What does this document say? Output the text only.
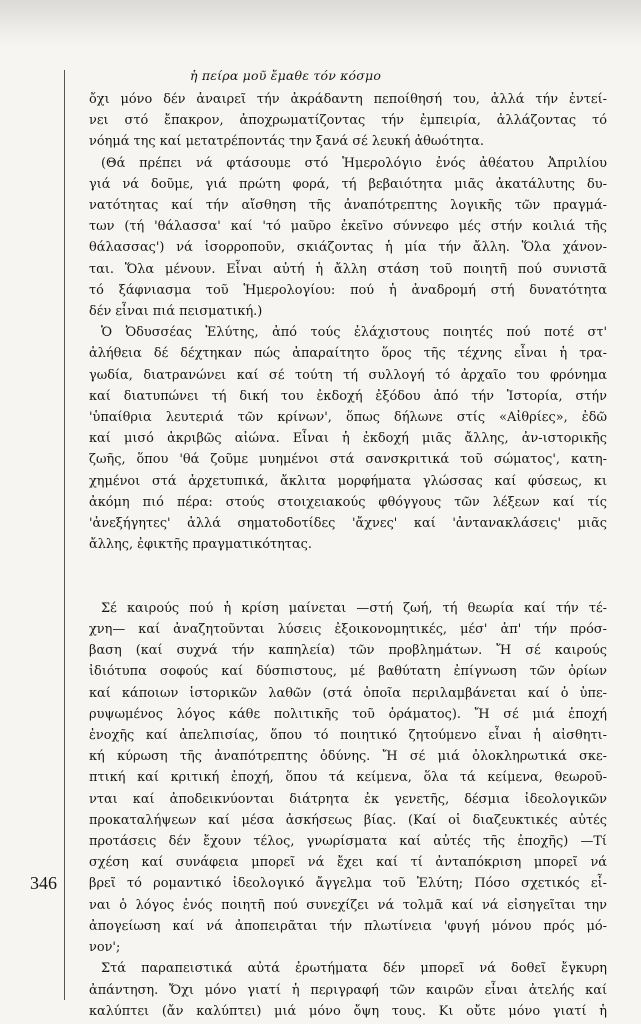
ἡ πείρα μοῦ ἔμαθε τόν κόσμο
ὄχι μόνο δέν ἀναιρεῖ τήν ἀκράδαντη πεποίθησή του, ἀλλά τήν ἐντεί-
νει στό ἔπακρον, ἀποχρωματίζοντας τήν ἐμπειρία, ἀλλάζοντας τό
νόημά της καί μετατρέποντάς την ξανά σέ λευκή ἀθωότητα.
(Θά πρέπει νά φτάσουμε στό Ἡμερολόγιο ἑνός ἀθέατου Ἀπριλίου
γιά νά δοῦμε, γιά πρώτη φορά, τή βεβαιότητα μιᾶς ἀκατάλυτης δυ-
νατότητας καί τήν αἴσθηση τῆς ἀναπότρεπτης λογικῆς τῶν πραγμά-
των (τή 'θάλασσα' καί 'τό μαῦρο ἐκεῖνο σύννεφο μές στήν κοιλιά τῆς
θάλασσας') νά ἰσορροποῦν, σκιάζοντας ἡ μία τήν ἄλλη. Ὅλα χάνον-
ται. Ὅλα μένουν. Εἶναι αὐτή ἡ ἄλλη στάση τοῦ ποιητῆ πού συνιστᾶ
τό ξάφνιασμα τοῦ Ἡμερολογίου: πού ἡ ἀναδρομή στή δυνατότητα
δέν εἶναι πιά πεισματική.)
Ὁ Ὀδυσσέας Ἐλύτης, ἀπό τούς ἐλάχιστους ποιητές πού ποτέ στ'
ἀλήθεια δέ δέχτηκαν πώς ἀπαραίτητο ὅρος τῆς τέχνης εἶναι ἡ τρα-
γωδία, διατρανώνει καί σέ τούτη τή συλλογή τό ἀρχαῖο του φρόνημα
καί διατυπώνει τή δική του ἐκδοχή ἐξόδου ἀπό τήν Ἱστορία, στήν
'ὑπαίθρια λευτεριά τῶν κρίνων', ὅπως δήλωνε στίς «Αἰθρίες», ἐδῶ
καί μισό ἀκριβῶς αἰώνα. Εἶναι ἡ ἐκδοχή μιᾶς ἄλλης, ἀν-ιστορικῆς
ζωῆς, ὅπου 'θά ζοῦμε μυημένοι στά σανσκριτικά τοῦ σώματος', κατη-
χημένοι στά ἀρχετυπικά, ἄκλιτα μορφήματα γλώσσας καί φύσεως, κι
ἀκόμη πιό πέρα: στούς στοιχειακούς φθόγγους τῶν λέξεων καί τίς
'ἀνεξήγητες' ἀλλά σηματοδοτίδες 'ἄχνες' καί 'ἀντανακλάσεις' μιᾶς
ἄλλης, ἐφικτῆς πραγματικότητας.
Σέ καιρούς πού ἡ κρίση μαίνεται —στή ζωή, τή θεωρία καί τήν τέ-
χνη— καί ἀναζητοῦνται λύσεις ἐξοικονομητικές, μέσ' ἀπ' τήν πρόσ-
βαση (καί συχνά τήν καπηλεία) τῶν προβλημάτων. Ἤ σέ καιρούς
ἰδιότυπα σοφούς καί δύσπιστους, μέ βαθύτατη ἐπίγνωση τῶν ὁρίων
καί κάποιων ἱστορικῶν λαθῶν (στά ὁποῖα περιλαμβάνεται καί ὁ ὑπε-
ρυψωμένος λόγος κάθε πολιτικῆς τοῦ ὁράματος). Ἤ σέ μιά ἐποχή
ἐνοχῆς καί ἀπελπισίας, ὅπου τό ποιητικό ζητούμενο εἶναι ἡ αἰσθητι-
κή κύρωση τῆς ἀναπότρεπτης ὀδύνης. Ἤ σέ μιά ὁλοκληρωτικά σκε-
πτική καί κριτική ἐποχή, ὅπου τά κείμενα, ὅλα τά κείμενα, θεωροῦ-
νται καί ἀποδεικνύονται διάτρητα ἐκ γενετῆς, δέσμια ἰδεολογικῶν
προκαταλήψεων καί μέσα ἀσκήσεως βίας. (Καί οἱ διαζευκτικές αὐτές
προτάσεις δέν ἔχουν τέλος, γνωρίσματα καί αὐτές τῆς ἐποχῆς) —Τί
σχέση καί συνάφεια μπορεῖ νά ἔχει καί τί ἀνταπόκριση μπορεῖ νά
βρεῖ τό ρομαντικό ἰδεολογικό ἄγγελμα τοῦ Ἐλύτη; Πόσο σχετικός εἶ-
ναι ὁ λόγος ἑνός ποιητῆ πού συνεχίζει νά τολμᾶ καί νά εἰσηγεῖται την
ἀπογείωση καί νά ἀποπειρᾶται τήν πλωτίνεια 'φυγή μόνου πρός μό-
νον';
Στά παραπειστικά αὐτά ἐρωτήματα δέν μπορεῖ νά δοθεῖ ἔγκυρη
ἀπάντηση. Ὄχι μόνο γιατί ἡ περιγραφή τῶν καιρῶν εἶναι ἀτελής καί
καλύπτει (ἄν καλύπτει) μιά μόνο ὄψη τους. Κι οὔτε μόνο γιατί ἡ
346
